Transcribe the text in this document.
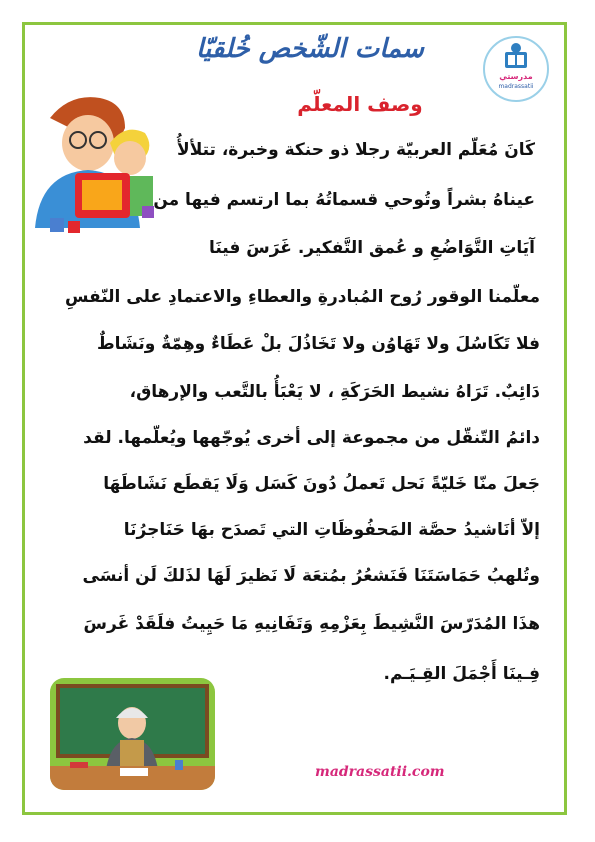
مدرستي
madrassatii
سمات الشّخص خُلقيّا
وصف المعلّم
كَانَ مُعَلّم العربيّة رجلا ذو حنكة وخبرة، تتلألأُ
عيناهُ بشراً وتُوحي قسماتُهُ بما ارتسم فيها من
آيَاتِ التَّوَاضُعِ و عُمق التَّفكير. غَرَسَ فينَا
معلّمنا الوقور رُوح المُبادرةِ والعطاءِ والاعتمادِ على النّفسِ
فلا تَكَاسُلَ ولا تَهَاوُن ولا تَخَاذُلَ بلْ عَطَاءٌ وهِمّةٌ ونَشَاطٌ
دَائِبٌ. تَرَاهُ نشيط الحَرَكَةِ ، لا يَعْبَأُ بالتَّعب والإرهاق،
دائمُ التّنقّل من مجموعة إلى أخرى يُوجّهها ويُعلّمها. لقد
جَعلَ منّا خَليّةً نَحل تَعملُ دُونَ كَسَل وَلَا يَقطَع نَشَاطَهَا
إلاّ أنَاشيدُ حصَّة المَحفُوظَاتِ التي تَصدَح بهَا حَنَاجرُنَا
وتُلهبُ حَمَاسَتَنَا فَنَشعُرُ بمُتعَة لَا نَظيرَ لَهَا لذَلكَ لَن أنسَى
هذَا المُدَرّسَ النَّشِيطَ بِعَزْمِهِ وَتَفَانِيهِ مَا حَيِيتُ فلَقَدْ غَرسَ
فِـينَا أَجْمَلَ القِـيَـم.
madrassatii.com
